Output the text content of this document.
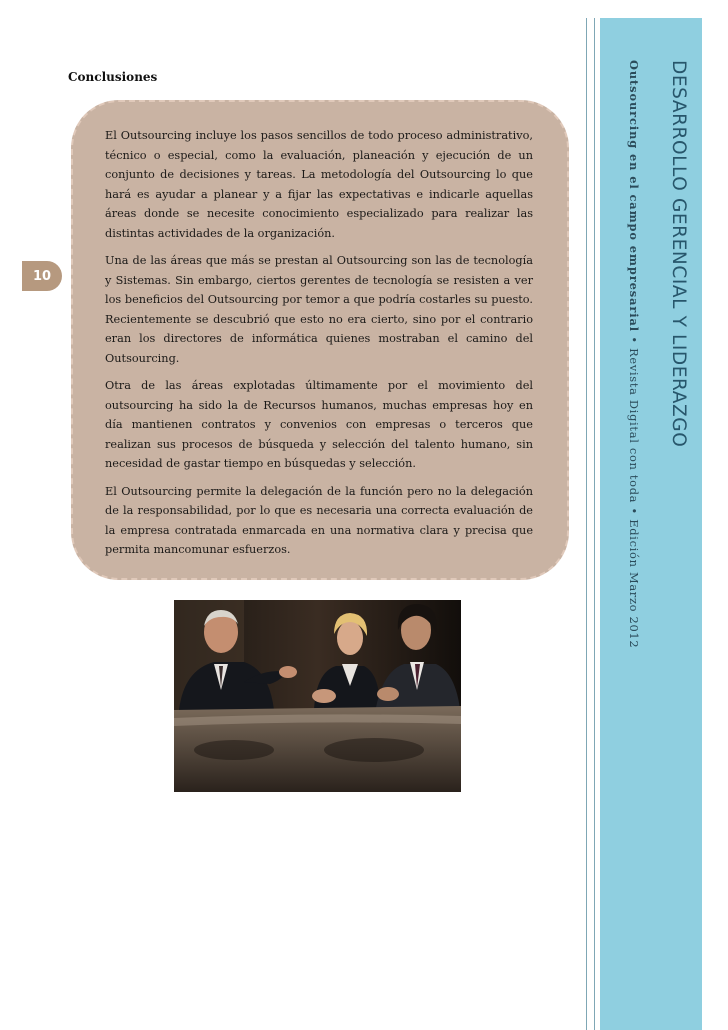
Conclusiones
10

El Outsourcing incluye los pasos sencillos de todo proceso administrativo, técnico o especial, como la evaluación, planeación y ejecución de un conjunto de decisiones y tareas. La metodología del Outsourcing lo que hará es ayudar a planear y a fijar las expectativas e indicarle aquellas áreas donde se necesite conocimiento especializado para realizar las distintas actividades de la organización.

Una de las áreas que más se prestan al Outsourcing son las de tecnología y Sistemas. Sin embargo, ciertos gerentes de tecnología se resisten a ver los beneficios del Outsourcing por temor a que podría costarles su puesto. Recientemente se descubrió que esto no era cierto, sino por el contrario eran los directores de informática quienes mostraban el camino del Outsourcing.

Otra de las áreas explotadas últimamente por el movimiento del outsourcing ha sido la de Recursos humanos, muchas empresas hoy en día mantienen contratos y convenios con empresas o terceros que realizan sus procesos de búsqueda y selección del talento humano, sin necesidad de gastar tiempo en búsquedas y selección.

El Outsourcing permite la delegación de la función pero no la delegación de la responsabilidad, por lo que es necesaria una correcta evaluación de la empresa contratada enmarcada en una normativa clara y precisa que permita mancomunar esfuerzos.

DESARROLLO GERENCIAL Y LIDERAZGO
Outsourcing en el campo empresarial • Revista Digital con toda • Edición Marzo 2012
